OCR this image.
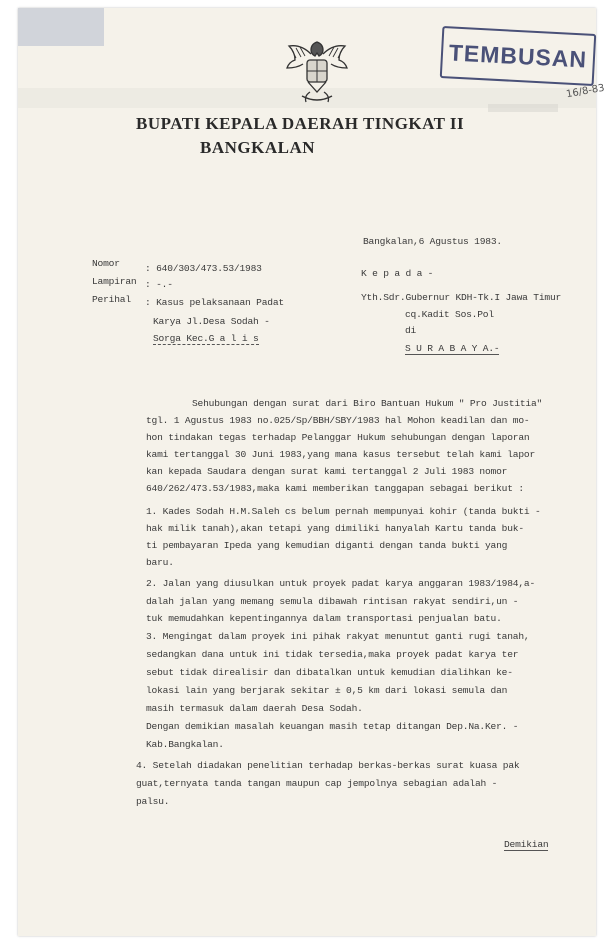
TEMBUSAN
16/8-83
BUPATI KEPALA DAERAH TINGKAT II
BANGKALAN
Bangkalan,6 Agustus 1983.
Nomor	: 640/303/473.53/1983
Lampiran : -.-
Perihal : Kasus pelaksanaan Padat
Karya Jl.Desa Sodah -
Sorga Kec.G a l i s
K e p a d a -
Yth.Sdr.Gubernur KDH-Tk.I Jawa Timur
cq.Kadit Sos.Pol
di
S U R A B A Y A.-
Sehubungan dengan surat dari Biro Bantuan Hukum " Pro Justitia"
tgl. 1 Agustus 1983 no.025/Sp/BBH/SBY/1983 hal Mohon keadilan dan mo-
hon tindakan tegas terhadap Pelanggar Hukum sehubungan dengan laporan
kami tertanggal 30 Juni 1983,yang mana kasus tersebut telah kami lapor
kan kepada Saudara dengan surat kami tertanggal 2 Juli 1983 nomor
640/262/473.53/1983,maka kami memberikan tanggapan sebagai berikut :
1. Kades Sodah H.M.Saleh cs belum pernah mempunyai kohir (tanda bukti -
hak milik tanah),akan tetapi yang dimiliki hanyalah Kartu tanda buk-
ti pembayaran Ipeda yang kemudian diganti dengan tanda bukti yang
baru.
2. Jalan yang diusulkan untuk proyek padat karya anggaran 1983/1984,a-
dalah jalan yang memang semula dibawah rintisan rakyat sendiri,un -
tuk memudahkan kepentingannya dalam transportasi penjualan batu.
3. Mengingat dalam proyek ini pihak rakyat menuntut ganti rugi tanah,
sedangkan dana untuk ini tidak tersedia,maka proyek padat karya ter
sebut tidak direalisir dan dibatalkan untuk kemudian dialihkan ke-
lokasi lain yang berjarak sekitar ± 0,5 km dari lokasi semula dan
masih termasuk dalam daerah Desa Sodah.
Dengan demikian masalah keuangan masih tetap ditangan Dep.Na.Ker. -
Kab.Bangkalan.
4. Setelah diadakan penelitian terhadap berkas-berkas surat kuasa pak
guat,ternyata tanda tangan maupun cap jempolnya sebagian adalah -
palsu.
Demikian
